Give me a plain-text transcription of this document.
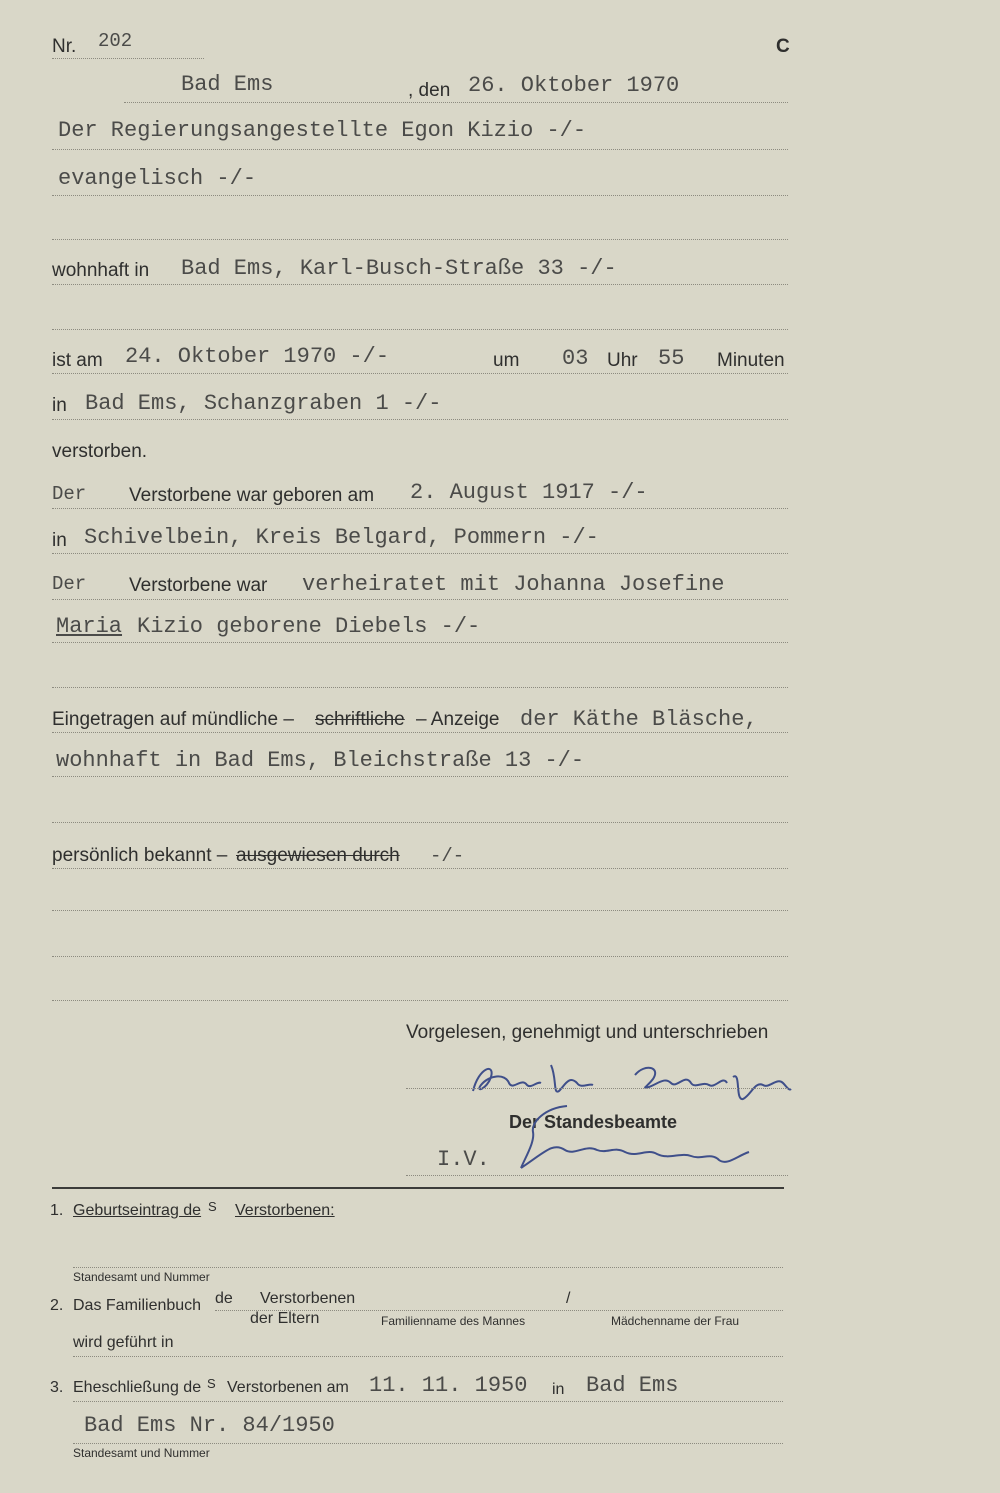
Nr. 202	C
Bad Ems	, den 26. Oktober 1970
Der Regierungsangestellte Egon Kizio -/-
evangelisch -/-
wohnhaft in Bad Ems, Karl-Busch-Straße 33 -/-
ist am 24. Oktober 1970 -/-	um 03 Uhr 55 Minuten
in Bad Ems, Schanzgraben 1 -/-
verstorben.
Der Verstorbene war geboren am 2. August 1917 -/-
in Schivelbein, Kreis Belgard, Pommern -/-
Der Verstorbene war verheiratet mit Johanna Josefine
Maria Kizio geborene Diebels -/-
Eingetragen auf mündliche – schriftliche – Anzeige der Käthe Bläsche,
wohnhaft in Bad Ems, Bleichstraße 13 -/-
persönlich bekannt – ausgewiesen durch -/-
Vorgelesen, genehmigt und unterschrieben
Der Standesbeamte
I.V.
1. Geburtseintrag de S Verstorbenen:
Standesamt und Nummer
2. Das Familienbuch de Verstorbenen	/
der Eltern	Familienname des Mannes	Mädchenname der Frau
wird geführt in
3. Eheschließung de S Verstorbenen am 11. 11. 1950 in Bad Ems
Bad Ems Nr. 84/1950
Standesamt und Nummer
